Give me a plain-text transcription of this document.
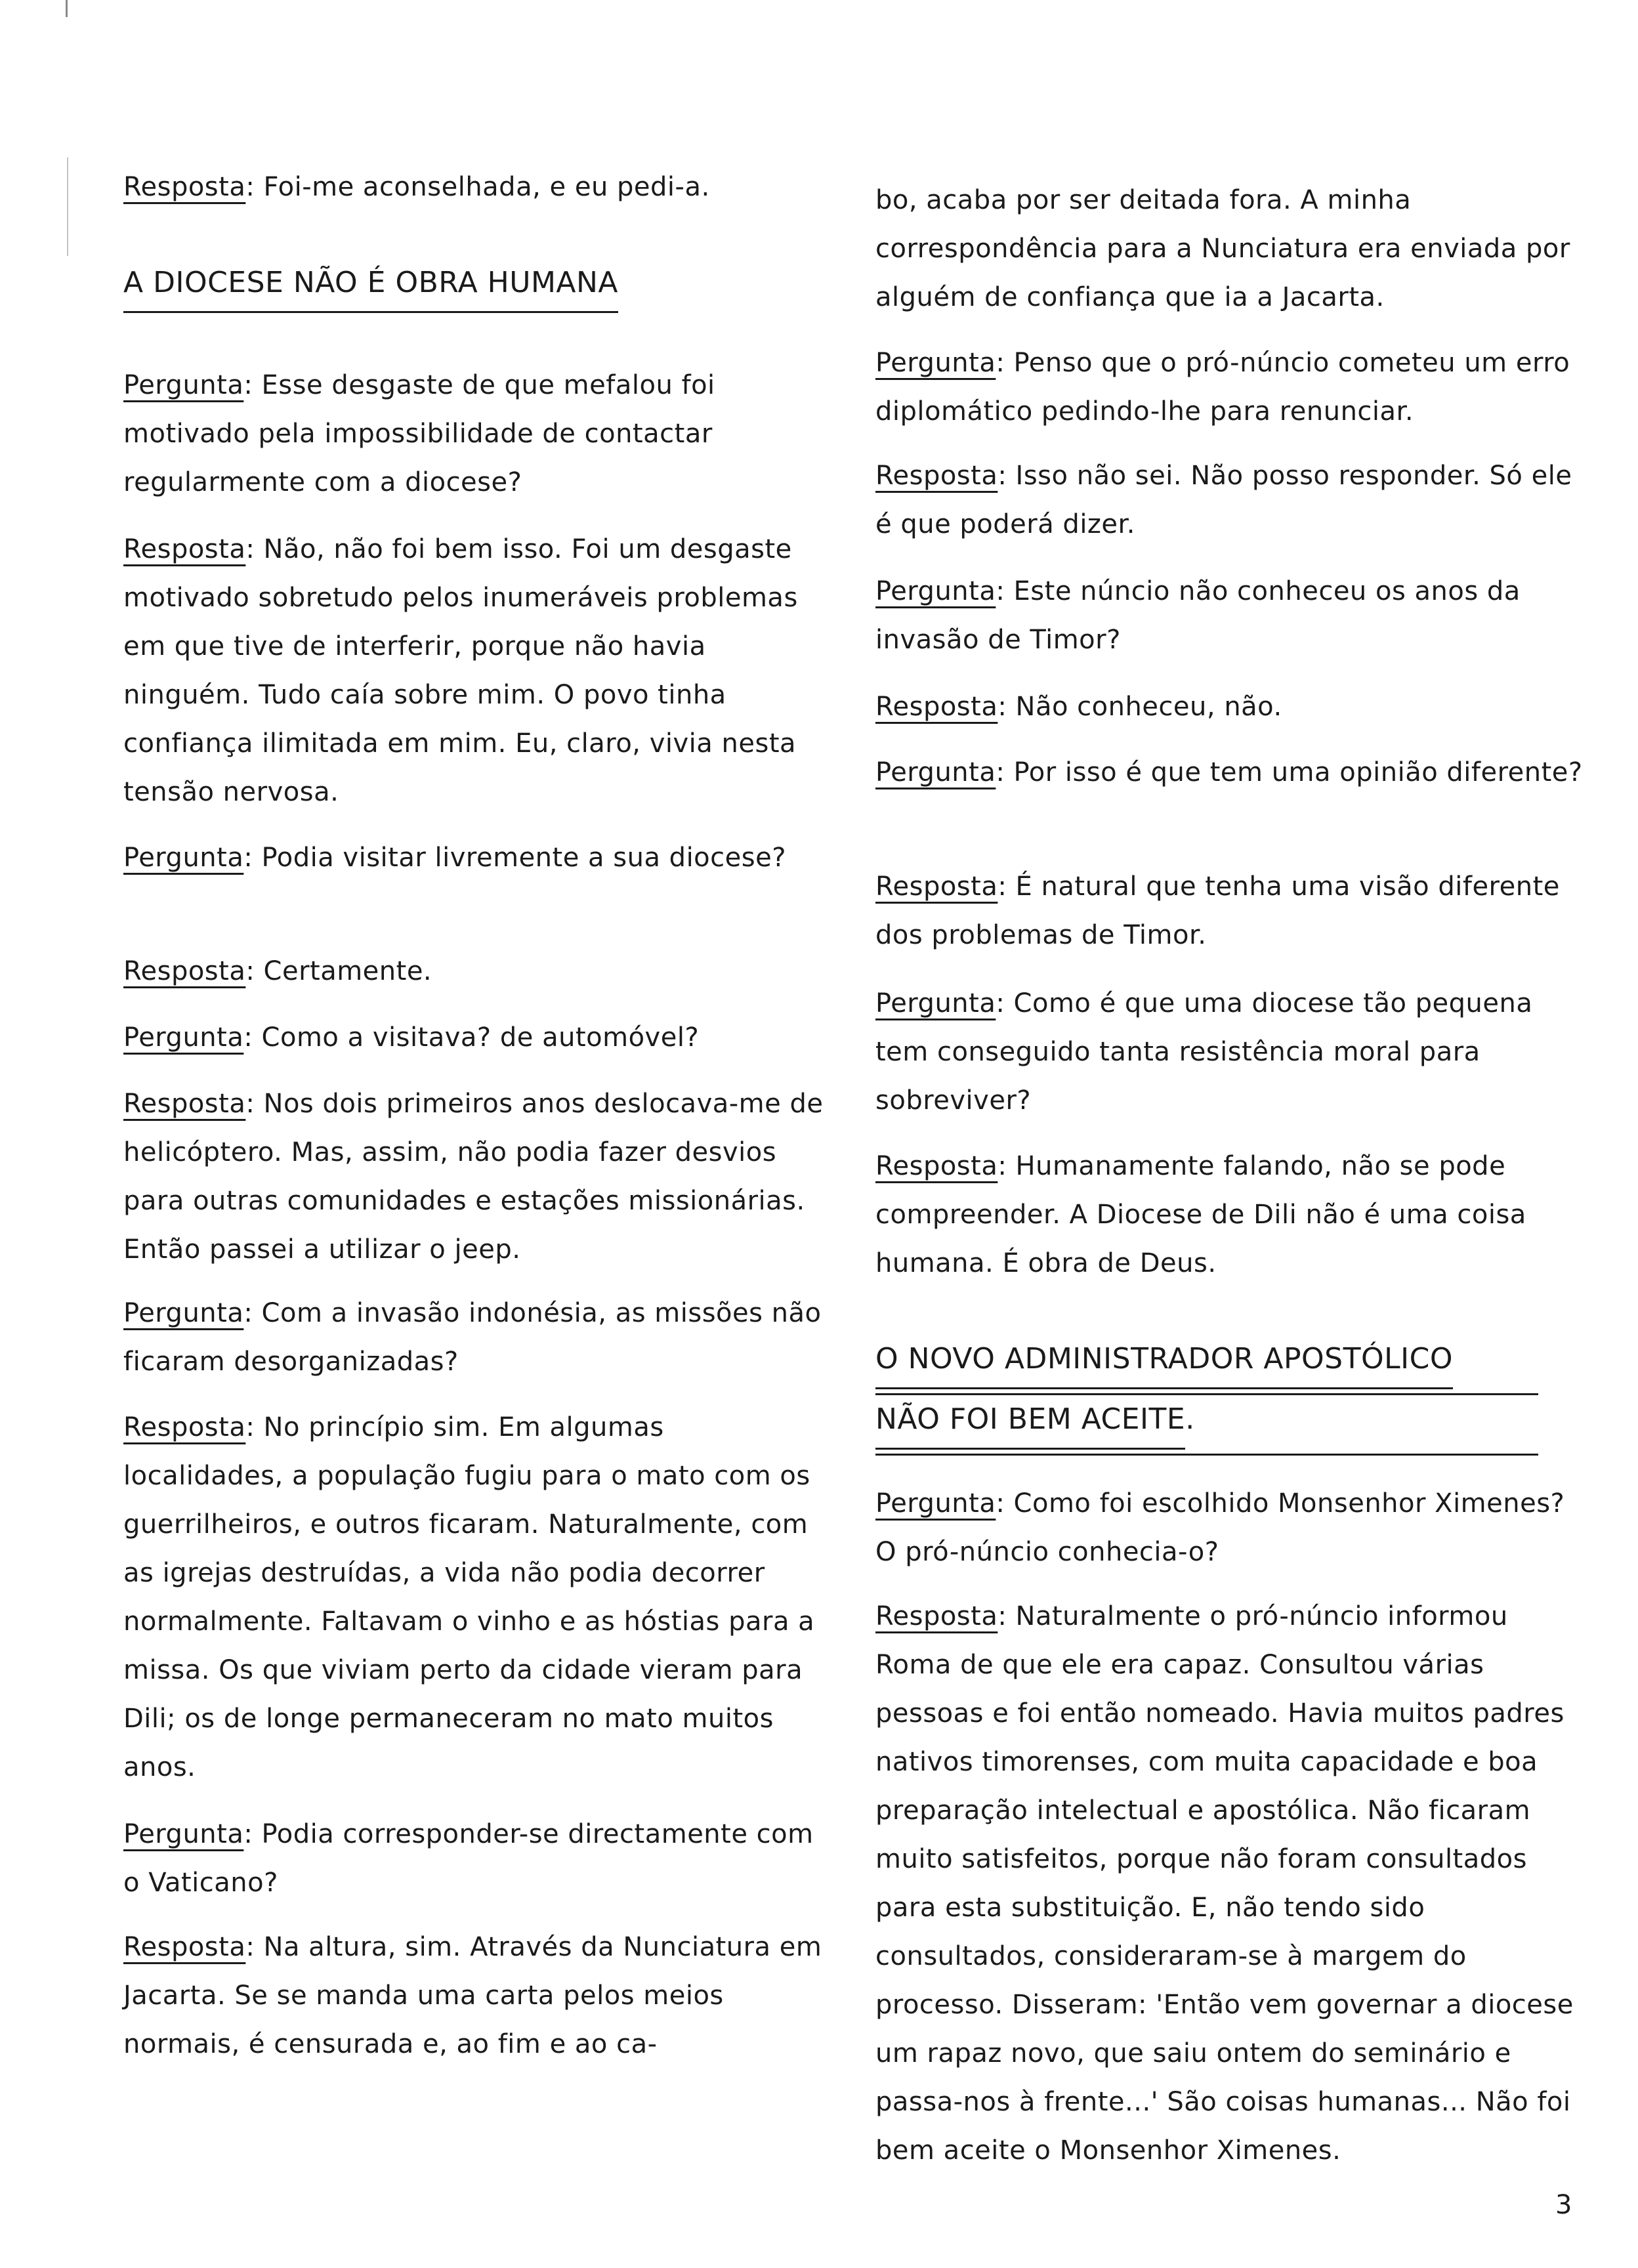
Resposta: Foi-me aconselhada, e eu pedi-a.

A DIOCESE NÃO É OBRA HUMANA

Pergunta: Esse desgaste de que mefalou foi motivado pela impossibilidade de contactar regularmente com a diocese?

Resposta: Não, não foi bem isso. Foi um desgaste motivado sobretudo pelos inumeráveis problemas em que tive de interferir, porque não havia ninguém. Tudo caía sobre mim. O povo tinha confiança ilimitada em mim. Eu, claro, vivia nesta tensão nervosa.

Pergunta: Podia visitar livremente a sua diocese?

Resposta: Certamente.

Pergunta: Como a visitava? de automóvel?

Resposta: Nos dois primeiros anos deslocava-me de helicóptero. Mas, assim, não podia fazer desvios para outras comunidades e estações missionárias. Então passei a utilizar o jeep.

Pergunta: Com a invasão indonésia, as missões não ficaram desorganizadas?

Resposta: No princípio sim. Em algumas localidades, a população fugiu para o mato com os guerrilheiros, e outros ficaram. Naturalmente, com as igrejas destruídas, a vida não podia decorrer normalmente. Faltavam o vinho e as hóstias para a missa. Os que viviam perto da cidade vieram para Dili; os de longe permaneceram no mato muitos anos.

Pergunta: Podia corresponder-se directamente com o Vaticano?

Resposta: Na altura, sim. Através da Nunciatura em Jacarta. Se se manda uma carta pelos meios normais, é censurada e, ao fim e ao ca-

bo, acaba por ser deitada fora. A minha correspondência para a Nunciatura era enviada por alguém de confiança que ia a Jacarta.

Pergunta: Penso que o pró-núncio cometeu um erro diplomático pedindo-lhe para renunciar.

Resposta: Isso não sei. Não posso responder. Só ele é que poderá dizer.

Pergunta: Este núncio não conheceu os anos da invasão de Timor?

Resposta: Não conheceu, não.

Pergunta: Por isso é que tem uma opinião diferente?

Resposta: É natural que tenha uma visão diferente dos problemas de Timor.

Pergunta: Como é que uma diocese tão pequena tem conseguido tanta resistência moral para sobreviver?

Resposta: Humanamente falando, não se pode compreender. A Diocese de Dili não é uma coisa humana. É obra de Deus.

O NOVO ADMINISTRADOR APOSTÓLICO
NÃO FOI BEM ACEITE.

Pergunta: Como foi escolhido Monsenhor Ximenes? O pró-núncio conhecia-o?

Resposta: Naturalmente o pró-núncio informou Roma de que ele era capaz. Consultou várias pessoas e foi então nomeado. Havia muitos padres nativos timorenses, com muita capacidade e boa preparação intelectual e apostólica. Não ficaram muito satisfeitos, porque não foram consultados para esta substituição. E, não tendo sido consultados, consideraram-se à margem do processo. Disseram: 'Então vem governar a diocese um rapaz novo, que saiu ontem do seminário e passa-nos à frente...' São coisas humanas... Não foi bem aceite o Monsenhor Ximenes.

3
